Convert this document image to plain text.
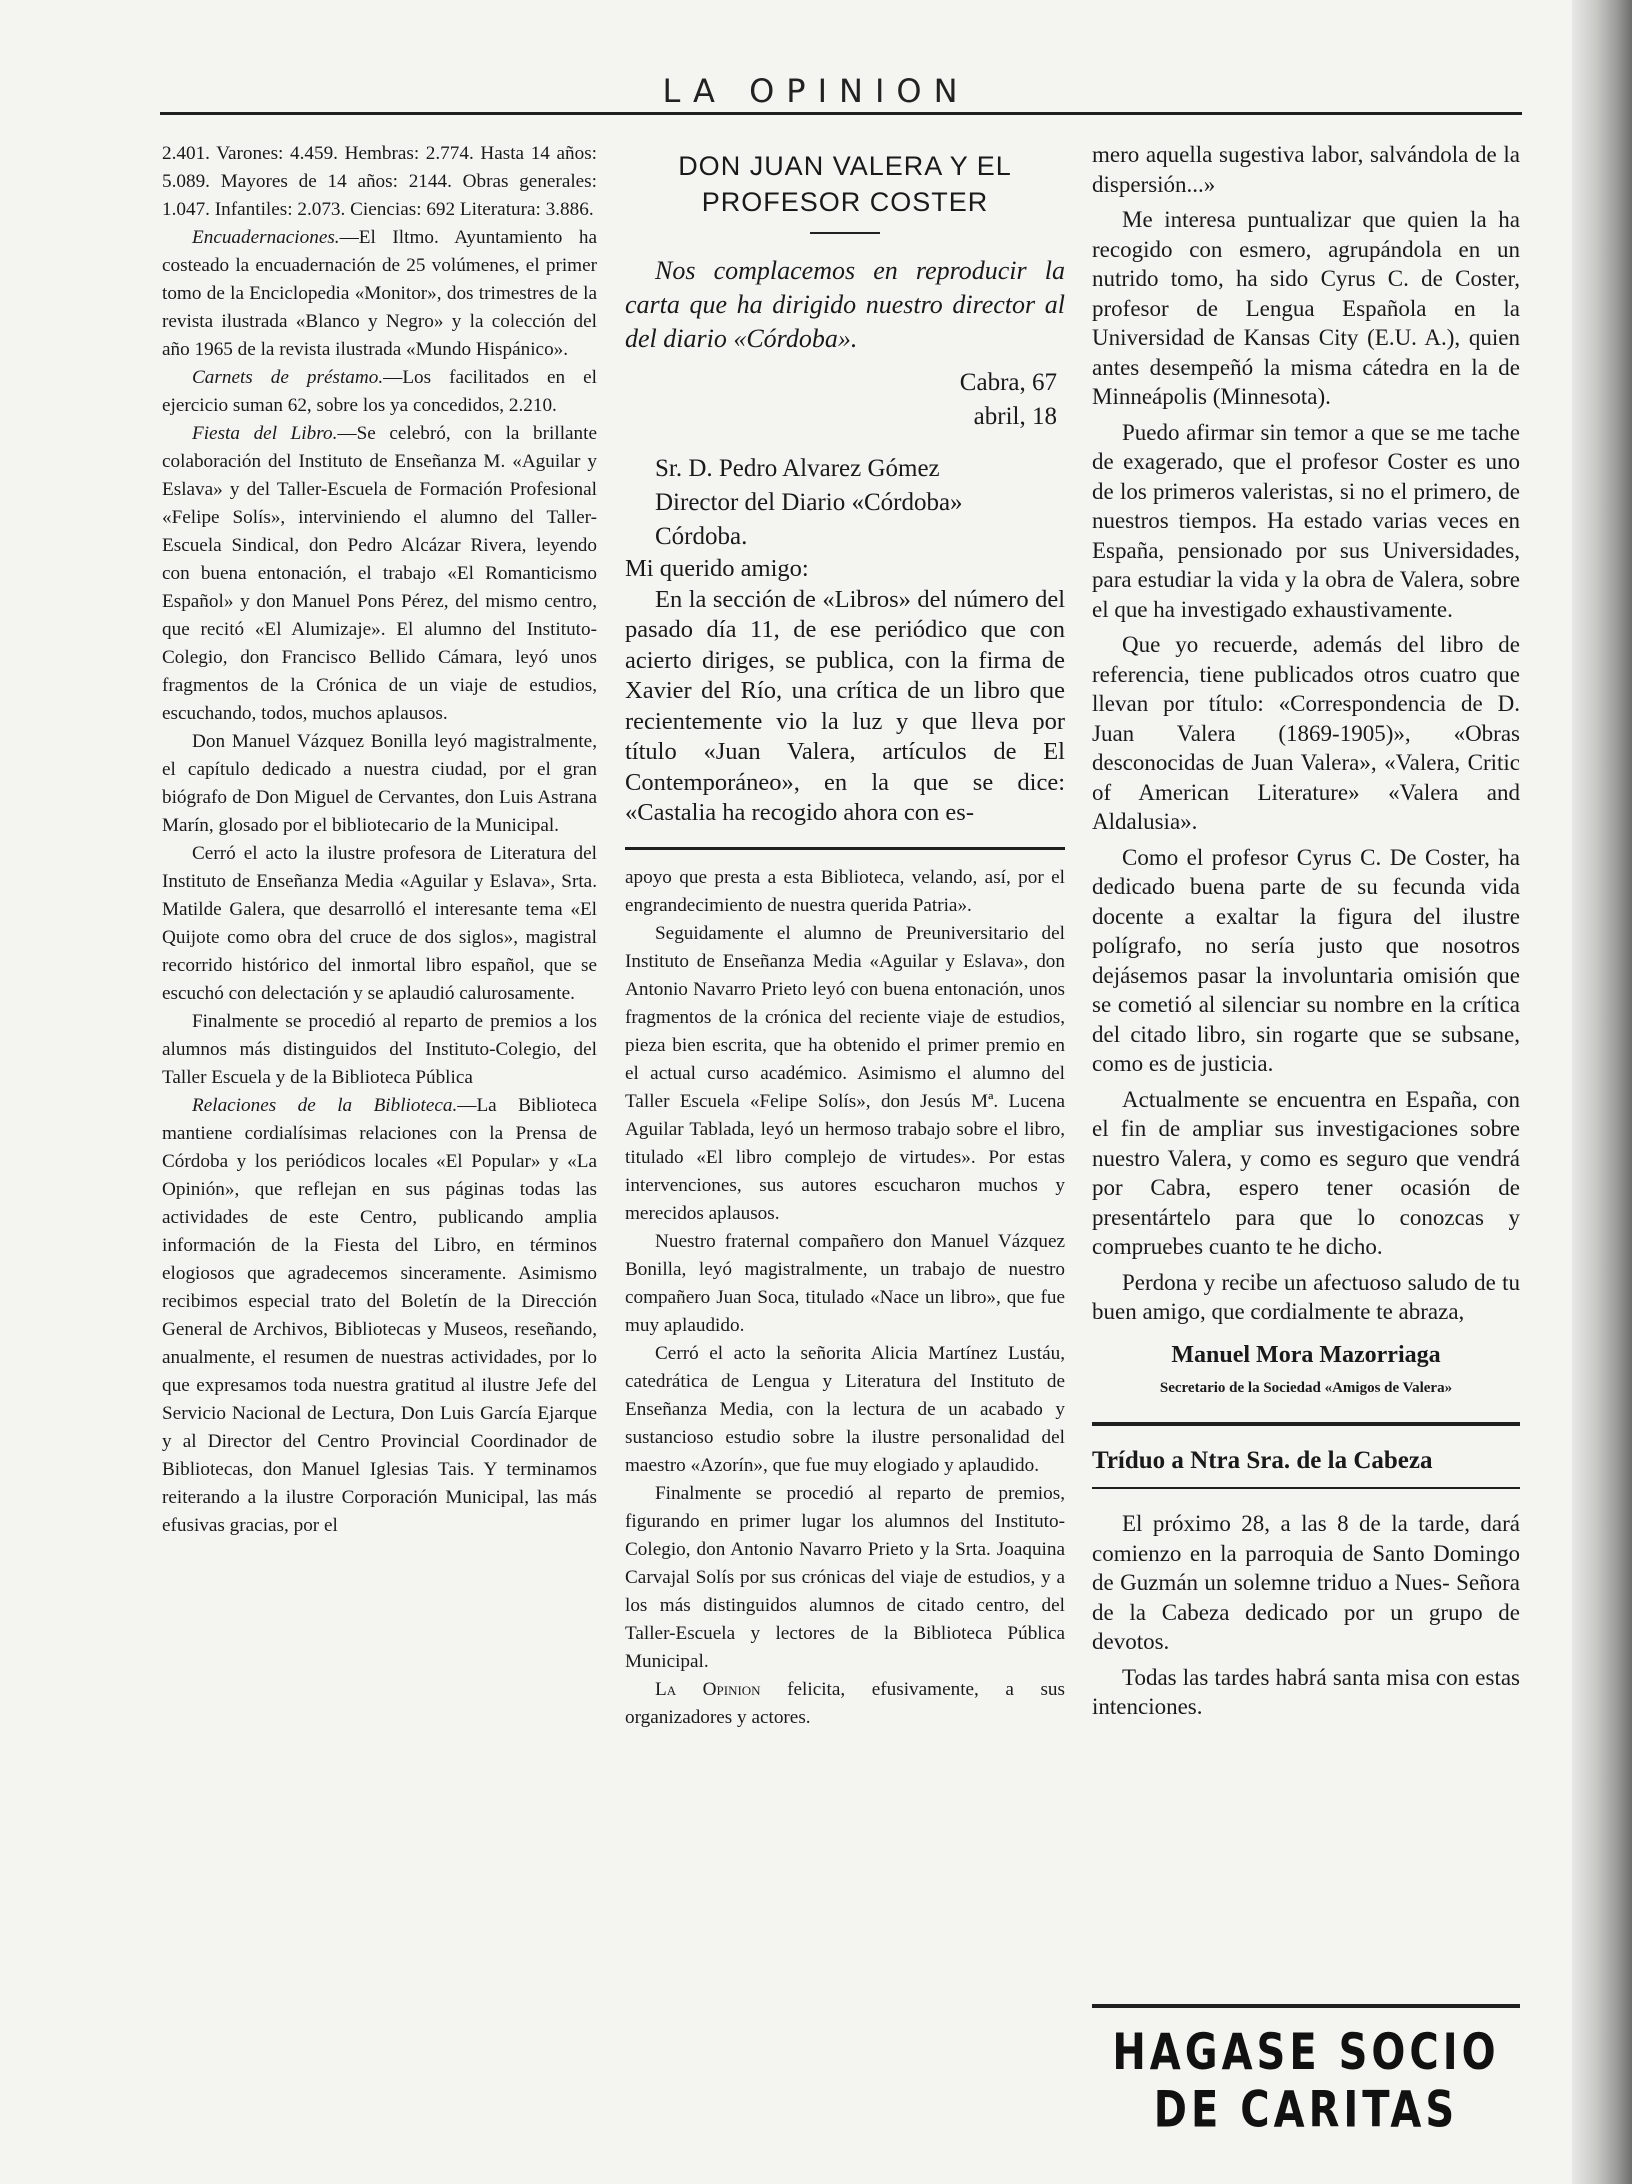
LA OPINION

2.401. Varones: 4.459. Hembras: 2.774. Hasta 14 años: 5.089. Mayores de 14 años: 2144. Obras generales: 1.047. Infantiles: 2.073. Ciencias: 692 Literatura: 3.886.

Encuadernaciones.—El Iltmo. Ayuntamiento ha costeado la encuadernación de 25 volúmenes, el primer tomo de la Enciclopedia «Monitor», dos trimestres de la revista ilustrada «Blanco y Negro» y la colección del año 1965 de la revista ilustrada «Mundo Hispánico».

Carnets de préstamo.—Los facilitados en el ejercicio suman 62, sobre los ya concedidos, 2.210.

Fiesta del Libro.—Se celebró, con la brillante colaboración del Instituto de Enseñanza M. «Aguilar y Eslava» y del Taller-Escuela de Formación Profesional «Felipe Solís», interviniendo el alumno del Taller-Escuela Sindical, don Pedro Alcázar Rivera, leyendo con buena entonación, el trabajo «El Romanticismo Español» y don Manuel Pons Pérez, del mismo centro, que recitó «El Alumizaje». El alumno del Instituto-Colegio, don Francisco Bellido Cámara, leyó unos fragmentos de la Crónica de un viaje de estudios, escuchando, todos, muchos aplausos.

Don Manuel Vázquez Bonilla leyó magistralmente, el capítulo dedicado a nuestra ciudad, por el gran biógrafo de Don Miguel de Cervantes, don Luis Astrana Marín, glosado por el bibliotecario de la Municipal.

Cerró el acto la ilustre profesora de Literatura del Instituto de Enseñanza Media «Aguilar y Eslava», Srta. Matilde Galera, que desarrolló el interesante tema «El Quijote como obra del cruce de dos siglos», magistral recorrido histórico del inmortal libro español, que se escuchó con delectación y se aplaudió calurosamente.

Finalmente se procedió al reparto de premios a los alumnos más distinguidos del Instituto-Colegio, del Taller Escuela y de la Biblioteca Pública

Relaciones de la Biblioteca.—La Biblioteca mantiene cordialísimas relaciones con la Prensa de Córdoba y los periódicos locales «El Popular» y «La Opinión», que reflejan en sus páginas todas las actividades de este Centro, publicando amplia información de la Fiesta del Libro, en términos elogiosos que agradecemos sinceramente. Asimismo recibimos especial trato del Boletín de la Dirección General de Archivos, Bibliotecas y Museos, reseñando, anualmente, el resumen de nuestras actividades, por lo que expresamos toda nuestra gratitud al ilustre Jefe del Servicio Nacional de Lectura, Don Luis García Ejarque y al Director del Centro Provincial Coordinador de Bibliotecas, don Manuel Iglesias Tais. Y terminamos reiterando a la ilustre Corporación Municipal, las más efusivas gracias, por el

DON JUAN VALERA Y EL PROFESOR COSTER

Nos complacemos en reproducir la carta que ha dirigido nuestro director al del diario «Córdoba».

Cabra, 67

abril, 18

Sr. D. Pedro Alvarez Gómez
Director del Diario «Córdoba»
Córdoba.

Mi querido amigo:

En la sección de «Libros» del número del pasado día 11, de ese periódico que con acierto diriges, se publica, con la firma de Xavier del Río, una crítica de un libro que recientemente vio la luz y que lleva por título «Juan Valera, artículos de El Contemporáneo», en la que se dice: «Castalia ha recogido ahora con es-

apoyo que presta a esta Biblioteca, velando, así, por el engrandecimiento de nuestra querida Patria».

Seguidamente el alumno de Preuniversitario del Instituto de Enseñanza Media «Aguilar y Eslava», don Antonio Navarro Prieto leyó con buena entonación, unos fragmentos de la crónica del reciente viaje de estudios, pieza bien escrita, que ha obtenido el primer premio en el actual curso académico. Asimismo el alumno del Taller Escuela «Felipe Solís», don Jesús Mª. Lucena Aguilar Tablada, leyó un hermoso trabajo sobre el libro, titulado «El libro complejo de virtudes». Por estas intervenciones, sus autores escucharon muchos y merecidos aplausos.

Nuestro fraternal compañero don Manuel Vázquez Bonilla, leyó magistralmente, un trabajo de nuestro compañero Juan Soca, titulado «Nace un libro», que fue muy aplaudido.

Cerró el acto la señorita Alicia Martínez Lustáu, catedrática de Lengua y Literatura del Instituto de Enseñanza Media, con la lectura de un acabado y sustancioso estudio sobre la ilustre personalidad del maestro «Azorín», que fue muy elogiado y aplaudido.

Finalmente se procedió al reparto de premios, figurando en primer lugar los alumnos del Instituto-Colegio, don Antonio Navarro Prieto y la Srta. Joaquina Carvajal Solís por sus crónicas del viaje de estudios, y a los más distinguidos alumnos de citado centro, del Taller-Escuela y lectores de la Biblioteca Pública Municipal.

La Opinion felicita, efusivamente, a sus organizadores y actores.

mero aquella sugestiva labor, salvándola de la dispersión...»

Me interesa puntualizar que quien la ha recogido con esmero, agrupándola en un nutrido tomo, ha sido Cyrus C. de Coster, profesor de Lengua Española en la Universidad de Kansas City (E.U. A.), quien antes desempeñó la misma cátedra en la de Minneápolis (Minnesota).

Puedo afirmar sin temor a que se me tache de exagerado, que el profesor Coster es uno de los primeros valeristas, si no el primero, de nuestros tiempos. Ha estado varias veces en España, pensionado por sus Universidades, para estudiar la vida y la obra de Valera, sobre el que ha investigado exhaustivamente.

Que yo recuerde, además del libro de referencia, tiene publicados otros cuatro que llevan por título: «Correspondencia de D. Juan Valera (1869-1905)», «Obras desconocidas de Juan Valera», «Valera, Critic of American Literature» «Valera and Aldalusia».

Como el profesor Cyrus C. De Coster, ha dedicado buena parte de su fecunda vida docente a exaltar la figura del ilustre polígrafo, no sería justo que nosotros dejásemos pasar la involuntaria omisión que se cometió al silenciar su nombre en la crítica del citado libro, sin rogarte que se subsane, como es de justicia.

Actualmente se encuentra en España, con el fin de ampliar sus investigaciones sobre nuestro Valera, y como es seguro que vendrá por Cabra, espero tener ocasión de presentártelo para que lo conozcas y compruebes cuanto te he dicho.

Perdona y recibe un afectuoso saludo de tu buen amigo, que cordialmente te abraza,

Manuel Mora Mazorriaga
Secretario de la Sociedad «Amigos de Valera»

Tríduo a Ntra Sra. de la Cabeza

El próximo 28, a las 8 de la tarde, dará comienzo en la parroquia de Santo Domingo de Guzmán un solemne triduo a Nues- Señora de la Cabeza dedicado por un grupo de devotos.

Todas las tardes habrá santa misa con estas intenciones.

HAGASE SOCIO DE CARITAS
